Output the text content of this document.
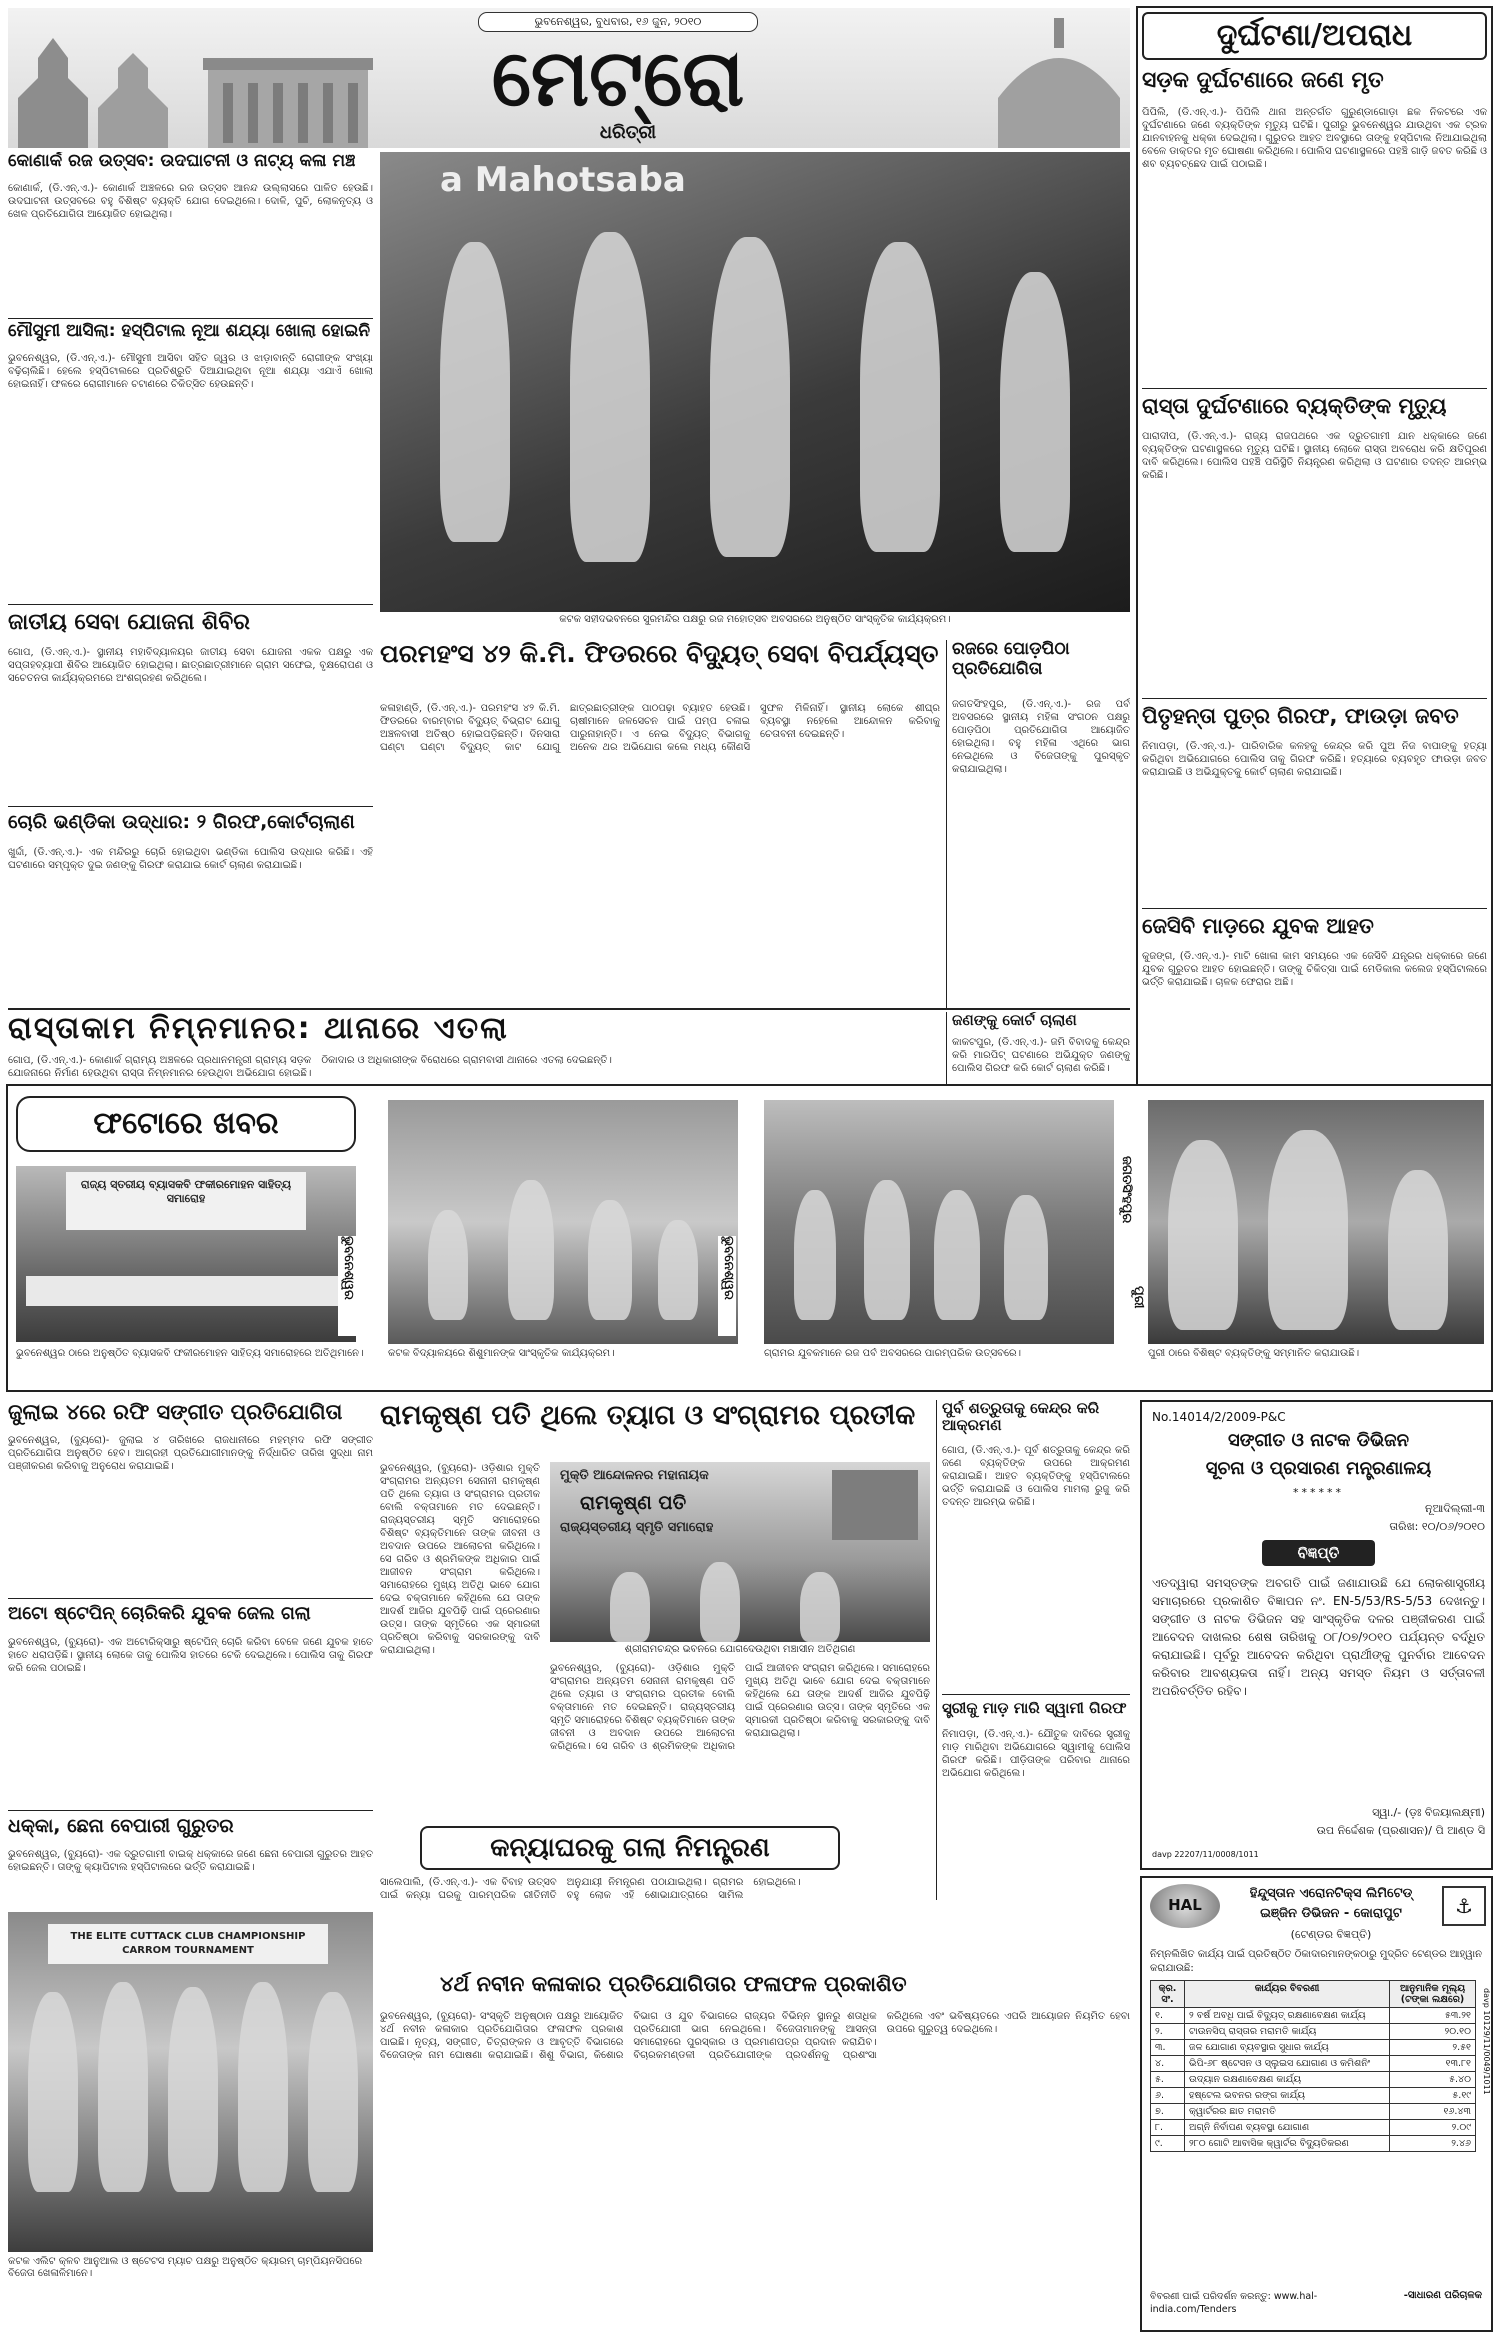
ଭୁବନେଶ୍ୱର, ବୁଧବାର, ୧୬ ଜୁନ, ୨୦୧୦
ମେଟ୍ରୋ
ଧରିତ୍ରୀ
ଦୁର୍ଘଟଣା/ଅପରାଧ
ସଡ଼କ ଦୁର୍ଘଟଣାରେ ଜଣେ ମୃତ
ପିପିଲି, (ଡି.ଏନ୍.ଏ.)- ପିପିଲି ଥାନା ଅନ୍ତର୍ଗତ ଗୁରୁଣ୍ଡାଗୋଡ଼ା ଛକ ନିକଟରେ ଏକ ଦୁର୍ଘଟଣାରେ ଜଣେ ବ୍ୟକ୍ତିଙ୍କ ମୃତ୍ୟୁ ଘଟିଛି। ପୁରୀରୁ ଭୁବନେଶ୍ୱର ଯାଉଥିବା ଏକ ଟ୍ରକ ଯାନବାହନକୁ ଧକ୍କା ଦେଇଥିଲା। ଗୁରୁତର ଆହତ ଅବସ୍ଥାରେ ତାଙ୍କୁ ହସ୍ପିଟାଲ ନିଆଯାଇଥିଲା ବେଳେ ଡାକ୍ତର ମୃତ ଘୋଷଣା କରିଥିଲେ। ପୋଲିସ ଘଟଣାସ୍ଥଳରେ ପହଞ୍ଚି ଗାଡ଼ି ଜବତ କରିଛି ଓ ଶବ ବ୍ୟବଚ୍ଛେଦ ପାଇଁ ପଠାଇଛି।
ରାସ୍ତା ଦୁର୍ଘଟଣାରେ ବ୍ୟକ୍ତିଙ୍କ ମୃତ୍ୟୁ
ପାରାଦୀପ, (ଡି.ଏନ୍.ଏ.)- ରାଜ୍ୟ ରାଜପଥରେ ଏକ ଦ୍ରୁତଗାମୀ ଯାନ ଧକ୍କାରେ ଜଣେ ବ୍ୟକ୍ତିଙ୍କ ଘଟଣାସ୍ଥଳରେ ମୃତ୍ୟୁ ଘଟିଛି। ସ୍ଥାନୀୟ ଲୋକେ ରାସ୍ତା ଅବରୋଧ କରି କ୍ଷତିପୂରଣ ଦାବି କରିଥିଲେ। ପୋଲିସ ପହଞ୍ଚି ପରିସ୍ଥିତି ନିୟନ୍ତ୍ରଣ କରିଥିଲା ଓ ଘଟଣାର ତଦନ୍ତ ଆରମ୍ଭ କରିଛି।
ପିତୃହନ୍ତା ପୁତ୍ର ଗିରଫ, ଫାଉଡ଼ା ଜବତ
ନିମାପଡ଼ା, (ଡି.ଏନ୍.ଏ.)- ପାରିବାରିକ କଳହକୁ କେନ୍ଦ୍ର କରି ପୁଅ ନିଜ ବାପାଙ୍କୁ ହତ୍ୟା କରିଥିବା ଅଭିଯୋଗରେ ପୋଲିସ ତାକୁ ଗିରଫ କରିଛି। ହତ୍ୟାରେ ବ୍ୟବହୃତ ଫାଉଡ଼ା ଜବତ କରାଯାଇଛି ଓ ଅଭିଯୁକ୍ତକୁ କୋର୍ଟ ଚାଲାଣ କରାଯାଇଛି।
ଜେସିବି ମାଡ଼ରେ ଯୁବକ ଆହତ
କୁଜଙ୍ଗ, (ଡି.ଏନ୍.ଏ.)- ମାଟି ଖୋଳା କାମ ସମୟରେ ଏକ ଜେସିବି ଯନ୍ତ୍ରର ଧକ୍କାରେ ଜଣେ ଯୁବକ ଗୁରୁତର ଆହତ ହୋଇଛନ୍ତି। ତାଙ୍କୁ ଚିକିତ୍ସା ପାଇଁ ମେଡିକାଲ କଲେଜ ହସ୍ପିଟାଲରେ ଭର୍ତ୍ତି କରାଯାଇଛି। ଚାଳକ ଫେରାର ଅଛି।
କୋଣାର୍କ ରଜ ଉତ୍ସବ: ଉଦଘାଟନୀ ଓ ନାଟ୍ୟ କଳା ମଞ୍ଚ
କୋଣାର୍କ, (ଡି.ଏନ୍.ଏ.)- କୋଣାର୍କ ଅଞ୍ଚଳରେ ରଜ ଉତ୍ସବ ଆନନ୍ଦ ଉଲ୍ଲାସରେ ପାଳିତ ହେଉଛି। ଉଦଘାଟନୀ ଉତ୍ସବରେ ବହୁ ବିଶିଷ୍ଟ ବ୍ୟକ୍ତି ଯୋଗ ଦେଇଥିଲେ। ଦୋଳି, ପୁଚି, ଲୋକନୃତ୍ୟ ଓ ଖେଳ ପ୍ରତିଯୋଗିତା ଆୟୋଜିତ ହୋଇଥିଲା।
ମୌସୁମୀ ଆସିଲା: ହସ୍ପିଟାଲ ନୂଆ ଶଯ୍ୟା ଖୋଲା ହୋଇନି
ଭୁବନେଶ୍ୱର, (ଡି.ଏନ୍.ଏ.)- ମୌସୁମୀ ଆସିବା ସହିତ ଜ୍ୱର ଓ ଝାଡ଼ାବାନ୍ତି ରୋଗୀଙ୍କ ସଂଖ୍ୟା ବଢ଼ିଚାଲିଛି। ହେଲେ ହସ୍ପିଟାଲରେ ପ୍ରତିଶ୍ରୁତି ଦିଆଯାଇଥିବା ନୂଆ ଶଯ୍ୟା ଏଯାଏଁ ଖୋଲା ହୋଇନାହିଁ। ଫଳରେ ରୋଗୀମାନେ ଚଟାଣରେ ଚିକିତ୍ସିତ ହେଉଛନ୍ତି।
ଜାତୀୟ ସେବା ଯୋଜନା ଶିବିର
ଗୋପ, (ଡି.ଏନ୍.ଏ.)- ସ୍ଥାନୀୟ ମହାବିଦ୍ୟାଳୟର ଜାତୀୟ ସେବା ଯୋଜନା ଏକକ ପକ୍ଷରୁ ଏକ ସପ୍ତାହବ୍ୟାପୀ ଶିବିର ଆୟୋଜିତ ହୋଇଥିଲା। ଛାତ୍ରଛାତ୍ରୀମାନେ ଗ୍ରାମ ସଫେଇ, ବୃକ୍ଷରୋପଣ ଓ ସଚେତନତା କାର୍ଯ୍ୟକ୍ରମରେ ଅଂଶଗ୍ରହଣ କରିଥିଲେ।
ଚୋରି ଭଣ୍ଡିକା ଉଦ୍ଧାର: ୨ ଗିରଫ,କୋର୍ଟଚାଲାଣ
ଖୁର୍ଦ୍ଦା, (ଡି.ଏନ୍.ଏ.)- ଏକ ମନ୍ଦିରରୁ ଚୋରି ହୋଇଥିବା ଭଣ୍ଡିକା ପୋଲିସ ଉଦ୍ଧାର କରିଛି। ଏହି ଘଟଣାରେ ସମ୍ପୃକ୍ତ ଦୁଇ ଜଣଙ୍କୁ ଗିରଫ କରାଯାଇ କୋର୍ଟ ଚାଲାଣ କରାଯାଇଛି।
a Mahotsaba
କଟକ ସହୀଦଭବନରେ ସୁରମନ୍ଦିର ପକ୍ଷରୁ ରଜ ମହୋତ୍ସବ ଅବସରରେ ଅନୁଷ୍ଠିତ ସାଂସ୍କୃତିକ କାର୍ଯ୍ୟକ୍ରମ।
ପରମହଂସ ୪୨ କି.ମି. ଫିଡରରେ ବିଦ୍ୟୁତ୍ ସେବା ବିପର୍ଯ୍ୟସ୍ତ
କଳାହାଣ୍ଡି, (ଡି.ଏନ୍.ଏ.)- ପରମହଂସ ୪୨ କି.ମି. ଫିଡରରେ ବାରମ୍ବାର ବିଦ୍ୟୁତ୍ ବିଭ୍ରାଟ ଯୋଗୁ ଅଞ୍ଚଳବାସୀ ଅତିଷ୍ଠ ହୋଇପଡ଼ିଛନ୍ତି। ଦିନସାରା ଘଣ୍ଟା ଘଣ୍ଟା ବିଦ୍ୟୁତ୍ କାଟ ଯୋଗୁ ଛାତ୍ରଛାତ୍ରୀଙ୍କ ପାଠପଢ଼ା ବ୍ୟାହତ ହେଉଛି। ଚାଷୀମାନେ ଜଳସେଚନ ପାଇଁ ପମ୍ପ ଚଳାଇ ପାରୁନାହାନ୍ତି। ଏ ନେଇ ବିଦ୍ୟୁତ୍ ବିଭାଗକୁ ଅନେକ ଥର ଅଭିଯୋଗ କଲେ ମଧ୍ୟ କୌଣସି ସୁଫଳ ମିଳିନାହିଁ। ସ୍ଥାନୀୟ ଲୋକେ ଶୀଘ୍ର ବ୍ୟବସ୍ଥା ନହେଲେ ଆନ୍ଦୋଳନ କରିବାକୁ ଚେତାବନୀ ଦେଇଛନ୍ତି।
ରଜରେ ପୋଡ଼ପିଠା ପ୍ରତିଯୋଗିତା
ଜଗତସିଂହପୁର, (ଡି.ଏନ୍.ଏ.)- ରଜ ପର୍ବ ଅବସରରେ ସ୍ଥାନୀୟ ମହିଳା ସଂଗଠନ ପକ୍ଷରୁ ପୋଡ଼ପିଠା ପ୍ରତିଯୋଗିତା ଆୟୋଜିତ ହୋଇଥିଲା। ବହୁ ମହିଳା ଏଥିରେ ଭାଗ ନେଇଥିଲେ ଓ ବିଜେତାଙ୍କୁ ପୁରସ୍କୃତ କରାଯାଇଥିଲା।
ରାସ୍ତାକାମ ନିମ୍ନମାନର: ଥାନାରେ ଏତଲା
ଗୋପ, (ଡି.ଏନ୍.ଏ.)- କୋଣାର୍କ ଗ୍ରାମ୍ୟ ଅଞ୍ଚଳରେ ପ୍ରଧାନମନ୍ତ୍ରୀ ଗ୍ରାମ୍ୟ ସଡ଼କ ଯୋଜନାରେ ନିର୍ମାଣ ହେଉଥିବା ରାସ୍ତା ନିମ୍ନମାନର ହେଉଥିବା ଅଭିଯୋଗ ହୋଇଛି। ଠିକାଦାର ଓ ଅଧିକାରୀଙ୍କ ବିରୋଧରେ ଗ୍ରାମବାସୀ ଥାନାରେ ଏତଲା ଦେଇଛନ୍ତି।
ଜଣଙ୍କୁ କୋର୍ଟ ଚାଲାଣ
କାକଟପୁର, (ଡି.ଏନ୍.ଏ.)- ଜମି ବିବାଦକୁ କେନ୍ଦ୍ର କରି ମାରପିଟ୍ ଘଟଣାରେ ଅଭିଯୁକ୍ତ ଜଣଙ୍କୁ ପୋଲିସ ଗିରଫ କରି କୋର୍ଟ ଚାଲାଣ କରିଛି।
ଫଟୋରେ ଖବର
ରାଜ୍ୟ ସ୍ତରୀୟ ବ୍ୟାସକବି ଫକୀରମୋହନ ସାହିତ୍ୟ ସମାରୋହ
ଭୁବନେଶ୍ୱର
ଭୁବନେଶ୍ୱର ଠାରେ ଅନୁଷ୍ଠିତ ବ୍ୟାସକବି ଫକୀରମୋହନ ସାହିତ୍ୟ ସମାରୋହରେ ଅତିଥିମାନେ।
ଭୁବନେଶ୍ୱର
କଟକ ବିଦ୍ୟାଳୟରେ ଶିଶୁମାନଙ୍କ ସାଂସ୍କୃତିକ କାର୍ଯ୍ୟକ୍ରମ।
ଜଗତସିଂହପୁର
ଗ୍ରାମର ଯୁବକମାନେ ରଜ ପର୍ବ ଅବସରରେ ପାରମ୍ପରିକ ଉତ୍ସବରେ।
ପୁରୀ
ପୁରୀ ଠାରେ ବିଶିଷ୍ଟ ବ୍ୟକ୍ତିଙ୍କୁ ସମ୍ମାନିତ କରାଯାଉଛି।
ଜୁଲାଇ ୪ରେ ରଫି ସଙ୍ଗୀତ ପ୍ରତିଯୋଗିତା
ଭୁବନେଶ୍ୱର, (ବ୍ୟୁରୋ)- ଜୁଲାଇ ୪ ତାରିଖରେ ରାଜଧାନୀରେ ମହମ୍ମଦ ରଫି ସଙ୍ଗୀତ ପ୍ରତିଯୋଗିତା ଅନୁଷ୍ଠିତ ହେବ। ଆଗ୍ରହୀ ପ୍ରତିଯୋଗୀମାନଙ୍କୁ ନିର୍ଦ୍ଧାରିତ ତାରିଖ ସୁଦ୍ଧା ନାମ ପଞ୍ଜୀକରଣ କରିବାକୁ ଅନୁରୋଧ କରାଯାଇଛି।
ଅଟୋ ଷ୍ଟେପିନ୍ ଚୋରିକରି ଯୁବକ ଜେଲ ଗଲା
ଭୁବନେଶ୍ୱର, (ବ୍ୟୁରୋ)- ଏକ ଅଟୋରିକ୍ସାରୁ ଷ୍ଟେପିନ୍ ଚୋରି କରିବା ବେଳେ ଜଣେ ଯୁବକ ହାତେ ହାତେ ଧରାପଡ଼ିଛି। ସ୍ଥାନୀୟ ଲୋକେ ତାକୁ ପୋଲିସ ହାତରେ ଟେକି ଦେଇଥିଲେ। ପୋଲିସ ତାକୁ ଗିରଫ କରି ଜେଲ ପଠାଇଛି।
ଧକ୍କା, ଛେନା ବେପାରୀ ଗୁରୁତର
ଭୁବନେଶ୍ୱର, (ବ୍ୟୁରୋ)- ଏକ ଦ୍ରୁତଗାମୀ ବାଇକ୍ ଧକ୍କାରେ ଜଣେ ଛେନା ବେପାରୀ ଗୁରୁତର ଆହତ ହୋଇଛନ୍ତି। ତାଙ୍କୁ କ୍ୟାପିଟାଲ ହସ୍ପିଟାଲରେ ଭର୍ତ୍ତି କରାଯାଇଛି।
ରାମକୃଷ୍ଣ ପତି ଥିଲେ ତ୍ୟାଗ ଓ ସଂଗ୍ରାମର ପ୍ରତୀକ
ଭୁବନେଶ୍ୱର, (ବ୍ୟୁରୋ)- ଓଡ଼ିଶାର ମୁକ୍ତି ସଂଗ୍ରାମର ଅନ୍ୟତମ ସେନାନୀ ରାମକୃଷ୍ଣ ପତି ଥିଲେ ତ୍ୟାଗ ଓ ସଂଗ୍ରାମର ପ୍ରତୀକ ବୋଲି ବକ୍ତାମାନେ ମତ ଦେଇଛନ୍ତି। ରାଜ୍ୟସ୍ତରୀୟ ସ୍ମୃତି ସମାରୋହରେ ବିଶିଷ୍ଟ ବ୍ୟକ୍ତିମାନେ ତାଙ୍କ ଜୀବନୀ ଓ ଅବଦାନ ଉପରେ ଆଲୋଚନା କରିଥିଲେ। ସେ ଗରିବ ଓ ଶ୍ରମିକଙ୍କ ଅଧିକାର ପାଇଁ ଆଜୀବନ ସଂଗ୍ରାମ କରିଥିଲେ। ସମାରୋହରେ ମୁଖ୍ୟ ଅତିଥି ଭାବେ ଯୋଗ ଦେଇ ବକ୍ତାମାନେ କହିଥିଲେ ଯେ ତାଙ୍କ ଆଦର୍ଶ ଆଜିର ଯୁବପିଢ଼ି ପାଇଁ ପ୍ରେରଣାର ଉତ୍ସ। ତାଙ୍କ ସ୍ମୃତିରେ ଏକ ସ୍ମାରକୀ ପ୍ରତିଷ୍ଠା କରିବାକୁ ସରକାରଙ୍କୁ ଦାବି କରାଯାଇଥିଲା।
ମୁକ୍ତି ଆନ୍ଦୋଳନର ମହାନାୟକ
ରାମକୃଷ୍ଣ ପତି
ରାଜ୍ୟସ୍ତରୀୟ ସ୍ମୃତି ସମାରୋହ
ଶ୍ରୀରାମଚନ୍ଦ୍ର ଭବନରେ ଯୋଗଦେଉଥିବା ମଞ୍ଚାସୀନ ଅତିଥିଗଣ
ଭୁବନେଶ୍ୱର, (ବ୍ୟୁରୋ)- ଓଡ଼ିଶାର ମୁକ୍ତି ସଂଗ୍ରାମର ଅନ୍ୟତମ ସେନାନୀ ରାମକୃଷ୍ଣ ପତି ଥିଲେ ତ୍ୟାଗ ଓ ସଂଗ୍ରାମର ପ୍ରତୀକ ବୋଲି ବକ୍ତାମାନେ ମତ ଦେଇଛନ୍ତି। ରାଜ୍ୟସ୍ତରୀୟ ସ୍ମୃତି ସମାରୋହରେ ବିଶିଷ୍ଟ ବ୍ୟକ୍ତିମାନେ ତାଙ୍କ ଜୀବନୀ ଓ ଅବଦାନ ଉପରେ ଆଲୋଚନା କରିଥିଲେ। ସେ ଗରିବ ଓ ଶ୍ରମିକଙ୍କ ଅଧିକାର ପାଇଁ ଆଜୀବନ ସଂଗ୍ରାମ କରିଥିଲେ। ସମାରୋହରେ ମୁଖ୍ୟ ଅତିଥି ଭାବେ ଯୋଗ ଦେଇ ବକ୍ତାମାନେ କହିଥିଲେ ଯେ ତାଙ୍କ ଆଦର୍ଶ ଆଜିର ଯୁବପିଢ଼ି ପାଇଁ ପ୍ରେରଣାର ଉତ୍ସ। ତାଙ୍କ ସ୍ମୃତିରେ ଏକ ସ୍ମାରକୀ ପ୍ରତିଷ୍ଠା କରିବାକୁ ସରକାରଙ୍କୁ ଦାବି କରାଯାଇଥିଲା।
ପୁର୍ବ ଶତ୍ରୁତାକୁ କେନ୍ଦ୍ର କରି ଆକ୍ରମଣ
ଗୋପ, (ଡି.ଏନ୍.ଏ.)- ପୂର୍ବ ଶତ୍ରୁତାକୁ କେନ୍ଦ୍ର କରି ଜଣେ ବ୍ୟକ୍ତିଙ୍କ ଉପରେ ଆକ୍ରମଣ କରାଯାଇଛି। ଆହତ ବ୍ୟକ୍ତିଙ୍କୁ ହସ୍ପିଟାଲରେ ଭର୍ତ୍ତି କରାଯାଇଛି ଓ ପୋଲିସ ମାମଲା ରୁଜୁ କରି ତଦନ୍ତ ଆରମ୍ଭ କରିଛି।
ସ୍ତ୍ରୀକୁ ମାଡ଼ ମାରି ସ୍ୱାମୀ ଗିରଫ
ନିମାପଡ଼ା, (ଡି.ଏନ୍.ଏ.)- ଯୌତୁକ ଦାବିରେ ସ୍ତ୍ରୀକୁ ମାଡ଼ ମାରିଥିବା ଅଭିଯୋଗରେ ସ୍ୱାମୀକୁ ପୋଲିସ ଗିରଫ କରିଛି। ପୀଡ଼ିତାଙ୍କ ପରିବାର ଥାନାରେ ଅଭିଯୋଗ କରିଥିଲେ।
କନ୍ୟାଘରକୁ ଗଲା ନିମନ୍ତ୍ରଣ
ସାଲେପାଲି, (ଡି.ଏନ୍.ଏ.)- ଏକ ବିବାହ ଉତ୍ସବ ପାଇଁ କନ୍ୟା ଘରକୁ ପାରମ୍ପରିକ ରୀତିନୀତି ଅନୁଯାୟୀ ନିମନ୍ତ୍ରଣ ପଠାଯାଇଥିଲା। ଗ୍ରାମର ବହୁ ଲୋକ ଏହି ଶୋଭାଯାତ୍ରାରେ ସାମିଲ ହୋଇଥିଲେ।
No.14014/2/2009-P&C
ସଙ୍ଗୀତ ଓ ନାଟକ ଡିଭିଜନ
ସୂଚନା ଓ ପ୍ରସାରଣ ମନ୍ତ୍ରଣାଳୟ
******
ନୂଆଦିଲ୍ଲୀ-୩
ତାରିଖ: ୧୦/୦୬/୨୦୧୦
ବିଜ୍ଞପ୍ତି
ଏତଦ୍ୱାରା ସମସ୍ତଙ୍କ ଅବଗତି ପାଇଁ ଜଣାଯାଉଛି ଯେ ଲୋକଶାସ୍ତ୍ରୀୟ ସମାଚାରରେ ପ୍ରକାଶିତ ବିଜ୍ଞାପନ ନଂ. EN-5/53/RS-5/53 ଦେଖନ୍ତୁ। ସଙ୍ଗୀତ ଓ ନାଟକ ଡିଭିଜନ ସହ ସାଂସ୍କୃତିକ ଦଳର ପଞ୍ଜୀକରଣ ପାଇଁ ଆବେଦନ ଦାଖଲର ଶେଷ ତାରିଖକୁ ୦୮/୦୭/୨୦୧୦ ପର୍ଯ୍ୟନ୍ତ ବର୍ଦ୍ଧିତ କରାଯାଇଛି। ପୂର୍ବରୁ ଆବେଦନ କରିଥିବା ପ୍ରାର୍ଥୀଙ୍କୁ ପୁନର୍ବାର ଆବେଦନ କରିବାର ଆବଶ୍ୟକତା ନାହିଁ। ଅନ୍ୟ ସମସ୍ତ ନିୟମ ଓ ସର୍ତ୍ତାବଳୀ ଅପରିବର୍ତ୍ତିତ ରହିବ।
ସ୍ୱା./- (ଡ଼ଃ ବିଜୟାଲକ୍ଷ୍ମୀ)
ଉପ ନିର୍ଦ୍ଦେଶକ (ପ୍ରଶାସନ)/ ପି ଆଣ୍ଡ ସି
davp 22207/11/0008/1011
HAL	⚓
ହିନ୍ଦୁସ୍ତାନ ଏରୋନଟିକ୍ସ ଲିମିଟେଡ୍
ଇଞ୍ଜିନ ଡିଭିଜନ - କୋରାପୁଟ
(ଟେଣ୍ଡର ବିଜ୍ଞପ୍ତି)
ନିମ୍ନଲିଖିତ କାର୍ଯ୍ୟ ପାଇଁ ପ୍ରତିଷ୍ଠିତ ଠିକାଦାରମାନଙ୍କଠାରୁ ମୁଦ୍ରିତ ଟେଣ୍ଡର ଆହ୍ୱାନ କରାଯାଉଛି:
କ୍ର. ସଂ.	କାର୍ଯ୍ୟର ବିବରଣୀ	ଆନୁମାନିକ ମୂଲ୍ୟ (ଟଙ୍କା ଲକ୍ଷରେ)
୧.	୨ ବର୍ଷ ଅବଧି ପାଇଁ ବିଦ୍ୟୁତ୍ ରକ୍ଷଣାବେକ୍ଷଣ କାର୍ଯ୍ୟ	୫୩.୨୧
୨.	ଟାଉନସିପ୍ ରାସ୍ତାର ମରାମତି କାର୍ଯ୍ୟ	୨୦.୧୦
୩.	ଜଳ ଯୋଗାଣ ବ୍ୟବସ୍ଥାର ସୁଧାର କାର୍ଯ୍ୟ	୨.୫୧
୪.	ଭିପି-୬୮ ଷ୍ଟେସନ ଓ ସ୍ଲୁଇସ ଯୋଗାଣ ଓ କମିଶନିଂ	୧୩.୮୧
୫.	ଉଦ୍ୟାନ ରକ୍ଷଣାବେକ୍ଷଣ କାର୍ଯ୍ୟ	୫.୪୦
୬.	ହଷ୍ଟେଲ ଭବନର ରଙ୍ଗ କାର୍ଯ୍ୟ	୫.୧୯
୭.	କ୍ୱାର୍ଟରର ଛାତ ମରାମତି	୧୬.୪୩
୮.	ଅଗ୍ନି ନିର୍ବାପଣ ବ୍ୟବସ୍ଥା ଯୋଗାଣ	୨.୦୯
୯.	୨୮୦ ଗୋଟି ଆବାସିକ କ୍ୱାର୍ଟର ବିଦ୍ୟୁତିକରଣ	୨.୪୬
ବିବରଣୀ ପାଇଁ ପରିଦର୍ଶନ କରନ୍ତୁ: www.hal-india.com/Tenders
-ସାଧାରଣ ପରିଚାଳକ
davp 10129/11/0049/1011
THE ELITE CUTTACK CLUB CHAMPIONSHIP CARROM TOURNAMENT
କଟକ ଏଲିଟ କ୍ଳବ ଆନୁଆଲ ଓ ଷ୍ଟେଟସ ମ୍ୟାଚ ପକ୍ଷରୁ ଅନୁଷ୍ଠିତ କ୍ୟାରମ୍ ଚାମ୍ପିୟନସିପରେ ବିଜେତା ଖେଳାଳିମାନେ।
୪ର୍ଥ ନବୀନ କଳାକାର ପ୍ରତିଯୋଗିତାର ଫଳାଫଳ ପ୍ରକାଶିତ
ଭୁବନେଶ୍ୱର, (ବ୍ୟୁରୋ)- ସଂସ୍କୃତି ଅନୁଷ୍ଠାନ ପକ୍ଷରୁ ଆୟୋଜିତ ୪ର୍ଥ ନବୀନ କଳାକାର ପ୍ରତିଯୋଗିତାର ଫଳାଫଳ ପ୍ରକାଶ ପାଇଛି। ନୃତ୍ୟ, ସଙ୍ଗୀତ, ଚିତ୍ରାଙ୍କନ ଓ ଆବୃତ୍ତି ବିଭାଗରେ ବିଜେତାଙ୍କ ନାମ ଘୋଷଣା କରାଯାଇଛି। ଶିଶୁ ବିଭାଗ, କିଶୋର ବିଭାଗ ଓ ଯୁବ ବିଭାଗରେ ରାଜ୍ୟର ବିଭିନ୍ନ ସ୍ଥାନରୁ ଶତାଧିକ ପ୍ରତିଯୋଗୀ ଭାଗ ନେଇଥିଲେ। ବିଜେତାମାନଙ୍କୁ ଆସନ୍ତା ସମାରୋହରେ ପୁରସ୍କାର ଓ ପ୍ରମାଣପତ୍ର ପ୍ରଦାନ କରାଯିବ। ବିଚାରକମଣ୍ଡଳୀ ପ୍ରତିଯୋଗୀଙ୍କ ପ୍ରଦର୍ଶନକୁ ପ୍ରଶଂସା କରିଥିଲେ ଏବଂ ଭବିଷ୍ୟତରେ ଏପରି ଆୟୋଜନ ନିୟମିତ ହେବା ଉପରେ ଗୁରୁତ୍ୱ ଦେଇଥିଲେ।
